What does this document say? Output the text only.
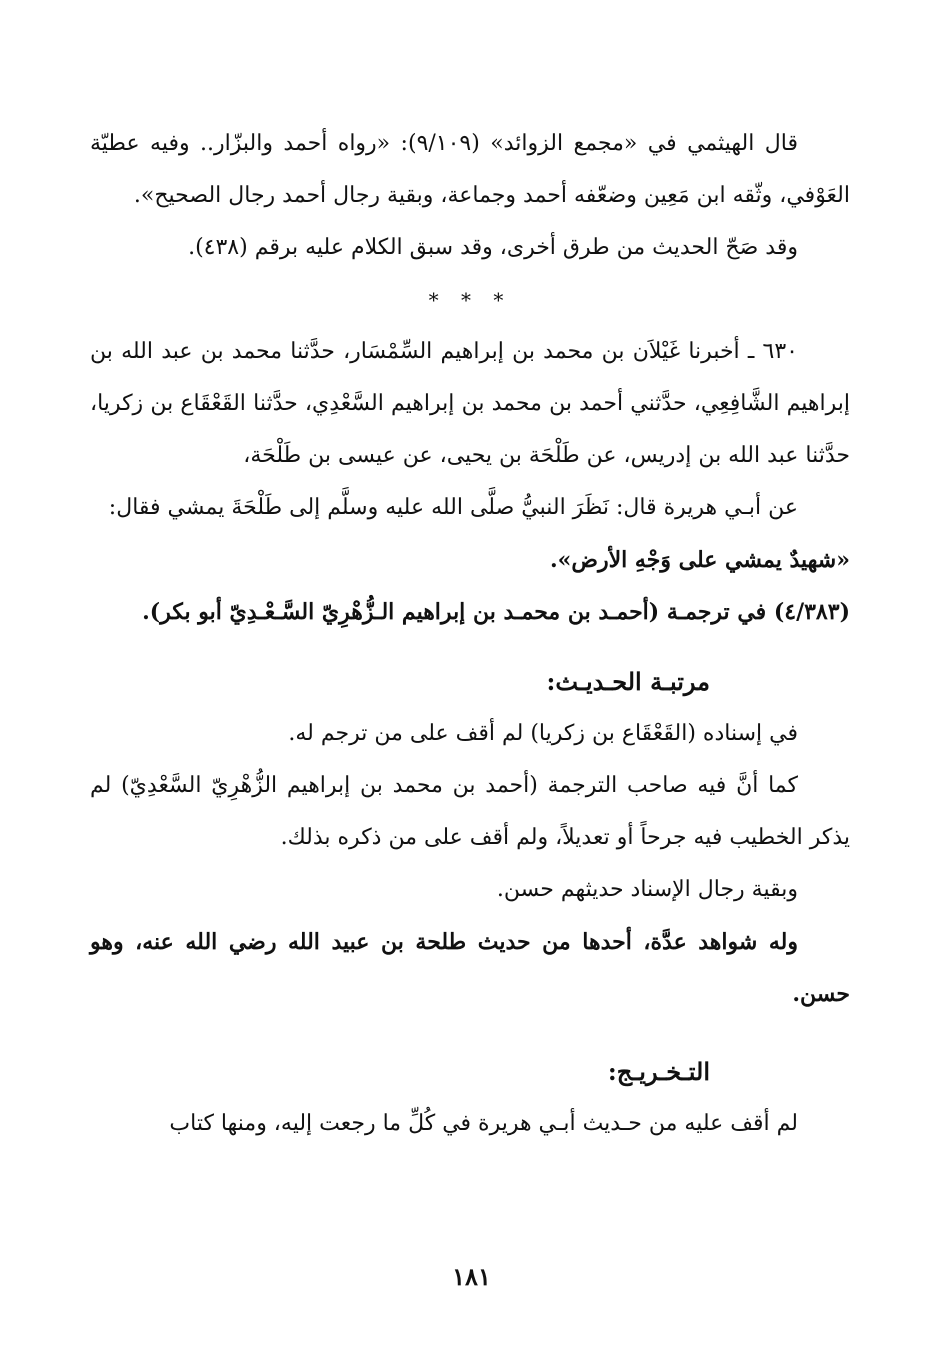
قال الهيثمي في «مجمع الزوائد» (٩/١٠٩): «رواه أحمد والبزّار.. وفيه عطيّة العَوْفي، وثّقه ابن مَعِين وضعّفه أحمد وجماعة، وبقية رجال أحمد رجال الصحيح».

وقد صَحّ الحديث من طرق أخرى، وقد سبق الكلام عليه برقم (٤٣٨).

* * *

٦٣٠ ـ أخبرنا غَيْلاَن بن محمد بن إبراهيم السِّمْسَار، حدَّثنا محمد بن عبد الله بن إبراهيم الشَّافِعِي، حدَّثني أحمد بن محمد بن إبراهيم السَّعْدِي، حدَّثنا القَعْقَاع بن زكريا، حدَّثنا عبد الله بن إدريس، عن طَلْحَة بن يحيى، عن عيسى بن طَلْحَة،

عن أبـي هريرة قال: نَظَرَ النبيُّ صلَّى الله عليه وسلَّم إلى طَلْحَةَ يمشي فقال:

«شهيدٌ يمشي على وَجْهِ الأرض».

(٤/٣٨٣) في ترجمـة (أحمـد بن محمـد بن إبراهيم الـزُّهْرِيّ السَّـعْـدِيّ أبو بكر).

مرتبـة الحـديـث:

في إسناده (القَعْقَاع بن زكريا) لم أقف على من ترجم له.

كما أنَّ فيه صاحب الترجمة (أحمد بن محمد بن إبراهيم الزُّهْرِيّ السَّعْدِيّ) لم يذكر الخطيب فيه جرحاً أو تعديلاً، ولم أقف على من ذكره بذلك.

وبقية رجال الإسناد حديثهم حسن.

وله شواهد عدَّة، أحدها من حديث طلحة بن عبيد الله رضي الله عنه، وهو حسن.

التـخـريـج:

لم أقف عليه من حـديث أبـي هريرة في كُلِّ ما رجعت إليه، ومنها كتاب

١٨١
